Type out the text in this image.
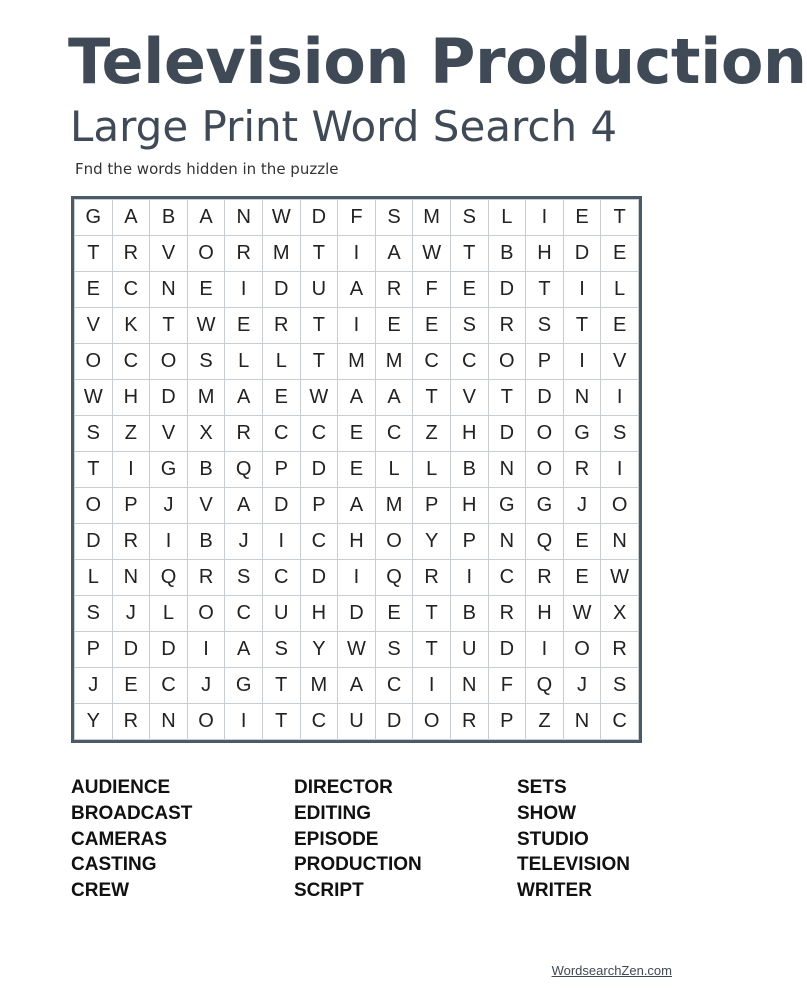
Television Production
Large Print Word Search 4
Fnd the words hidden in the puzzle
G	A	B	A	N	W	D	F	S	M	S	L	I	E	T
T	R	V	O	R	M	T	I	A	W	T	B	H	D	E
E	C	N	E	I	D	U	A	R	F	E	D	T	I	L
V	K	T	W	E	R	T	I	E	E	S	R	S	T	E
O	C	O	S	L	L	T	M	M	C	C	O	P	I	V
W	H	D	M	A	E	W	A	A	T	V	T	D	N	I
S	Z	V	X	R	C	C	E	C	Z	H	D	O	G	S
T	I	G	B	Q	P	D	E	L	L	B	N	O	R	I
O	P	J	V	A	D	P	A	M	P	H	G	G	J	O
D	R	I	B	J	I	C	H	O	Y	P	N	Q	E	N
L	N	Q	R	S	C	D	I	Q	R	I	C	R	E	W
S	J	L	O	C	U	H	D	E	T	B	R	H	W	X
P	D	D	I	A	S	Y	W	S	T	U	D	I	O	R
J	E	C	J	G	T	M	A	C	I	N	F	Q	J	S
Y	R	N	O	I	T	C	U	D	O	R	P	Z	N	C
AUDIENCE
BROADCAST
CAMERAS
CASTING
CREW
DIRECTOR
EDITING
EPISODE
PRODUCTION
SCRIPT
SETS
SHOW
STUDIO
TELEVISION
WRITER
WordsearchZen.com
